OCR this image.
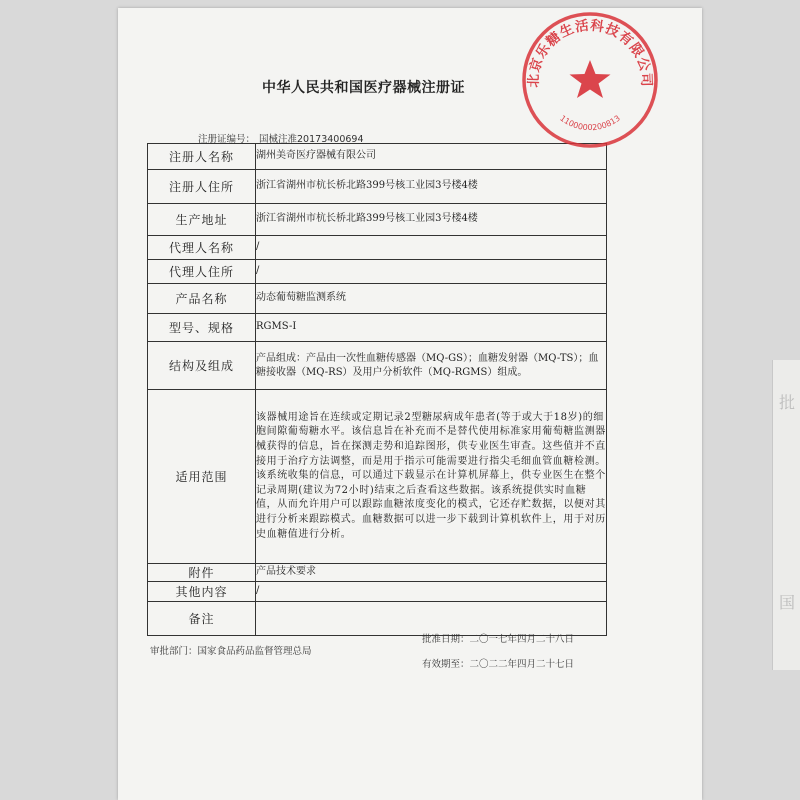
批
国
中华人民共和国医疗器械注册证
注册证编号： 国械注准20173400694
注册人名称	湖州美奇医疗器械有限公司
注册人住所	浙江省湖州市杭长桥北路399号核工业园3号楼4楼
生产地址	浙江省湖州市杭长桥北路399号核工业园3号楼4楼
代理人名称	/
代理人住所	/
产品名称	动态葡萄糖监测系统
型号、规格	RGMS-Ⅰ
结构及组成	产品组成：产品由一次性血糖传感器（MQ-GS）；血糖发射器（MQ-TS）；血糖接收器（MQ-RS）及用户分析软件（MQ-RGMS）组成。
适用范围	该器械用途旨在连续或定期记录2型糖尿病成年患者(等于或大于18岁)的细胞间隙葡萄糖水平。该信息旨在补充而不是替代使用标准家用葡萄糖监测器械获得的信息，旨在探测走势和追踪图形，供专业医生审查。这些值并不直接用于治疗方法调整，而是用于指示可能需要进行指尖毛细血管血糖检测。该系统收集的信息，可以通过下载显示在计算机屏幕上，供专业医生在整个记录周期(建议为72小时)结束之后查看这些数据。该系统提供实时血糖值，从而允许用户可以跟踪血糖浓度变化的模式，它还存贮数据，以便对其进行分析来跟踪模式。血糖数据可以进一步下载到计算机软件上，用于对历史血糖值进行分析。
附件	产品技术要求
其他内容	/
备注	
审批部门：国家食品药品监督管理总局
批准日期：二〇一七年四月二十八日
有效期至：二〇二二年四月二十七日
北京乐糖生活科技有限公司
1100000200813
